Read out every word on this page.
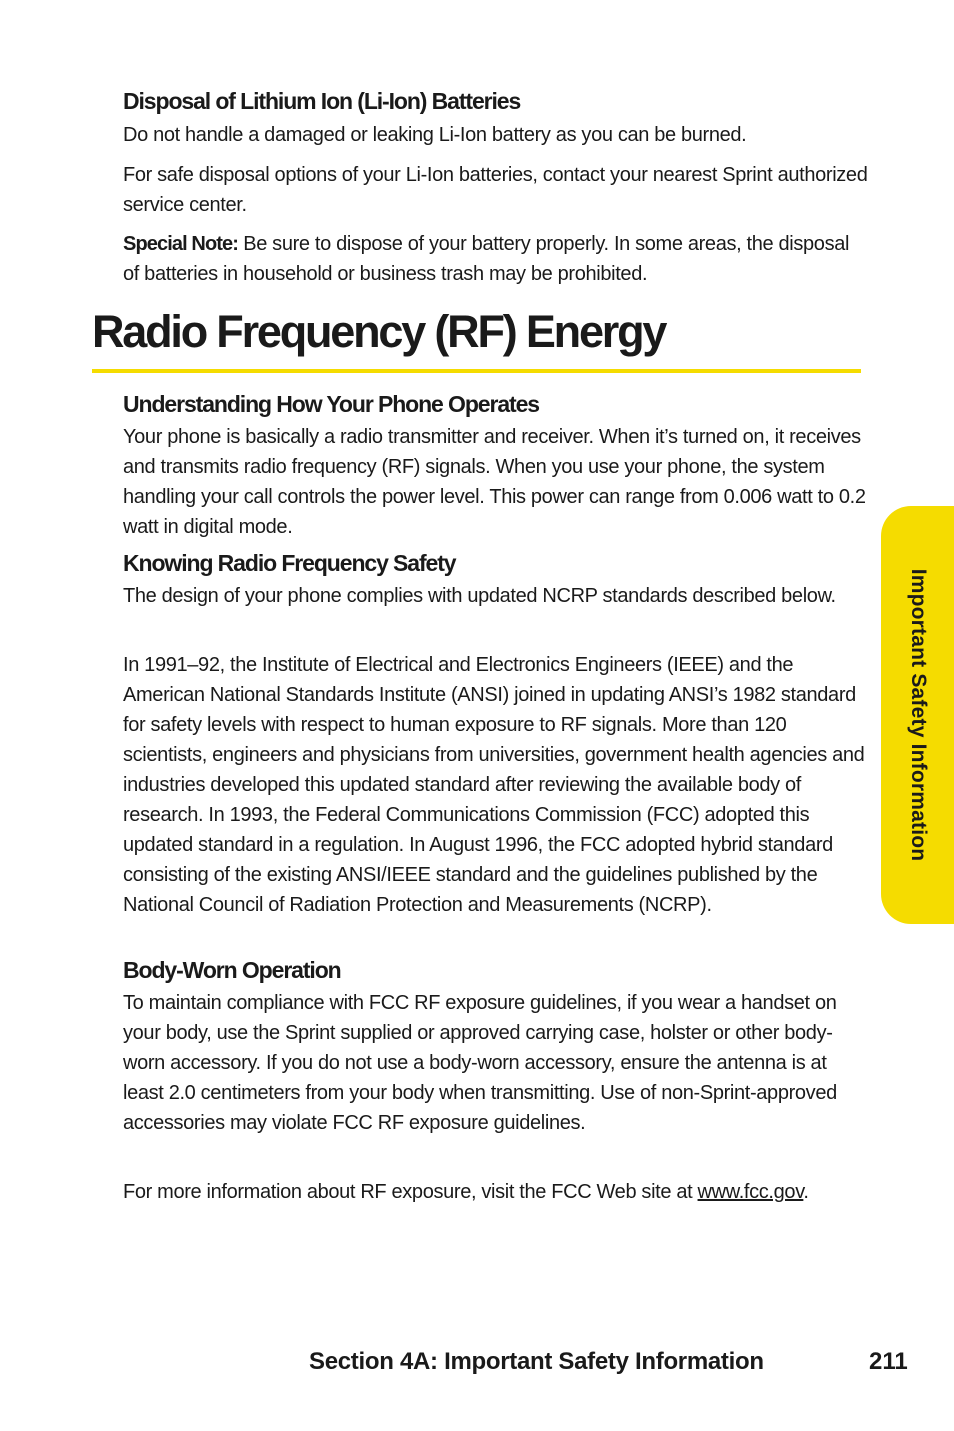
Disposal of Lithium Ion (Li-Ion) Batteries
Do not handle a damaged or leaking Li-Ion battery as you can be burned.
For safe disposal options of your Li-Ion batteries, contact your nearest Sprint authorized service center.
Special Note: Be sure to dispose of your battery properly. In some areas, the disposal of batteries in household or business trash may be prohibited.
Radio Frequency (RF) Energy
Understanding How Your Phone Operates
Your phone is basically a radio transmitter and receiver. When it’s turned on, it receives and transmits radio frequency (RF) signals. When you use your phone, the system handling your call controls the power level. This power can range from 0.006 watt to 0.2 watt in digital mode.
Knowing Radio Frequency Safety
The design of your phone complies with updated NCRP standards described below.
In 1991–92, the Institute of Electrical and Electronics Engineers (IEEE) and the American National Standards Institute (ANSI) joined in updating ANSI’s 1982 standard for safety levels with respect to human exposure to RF signals. More than 120 scientists, engineers and physicians from universities, government health agencies and industries developed this updated standard after reviewing the available body of research. In 1993, the Federal Communications Commission (FCC) adopted this updated standard in a regulation. In August 1996, the FCC adopted hybrid standard consisting of the existing ANSI/IEEE standard and the guidelines published by the National Council of Radiation Protection and Measurements (NCRP).
Body-Worn Operation
To maintain compliance with FCC RF exposure guidelines, if you wear a handset on your body, use the Sprint supplied or approved carrying case, holster or other body-worn accessory. If you do not use a body-worn accessory, ensure the antenna is at least 2.0 centimeters from your body when transmitting. Use of non-Sprint-approved accessories may violate FCC RF exposure guidelines.
For more information about RF exposure, visit the FCC Web site at www.fcc.gov.
Important Safety Information
Section 4A: Important Safety Information	211
